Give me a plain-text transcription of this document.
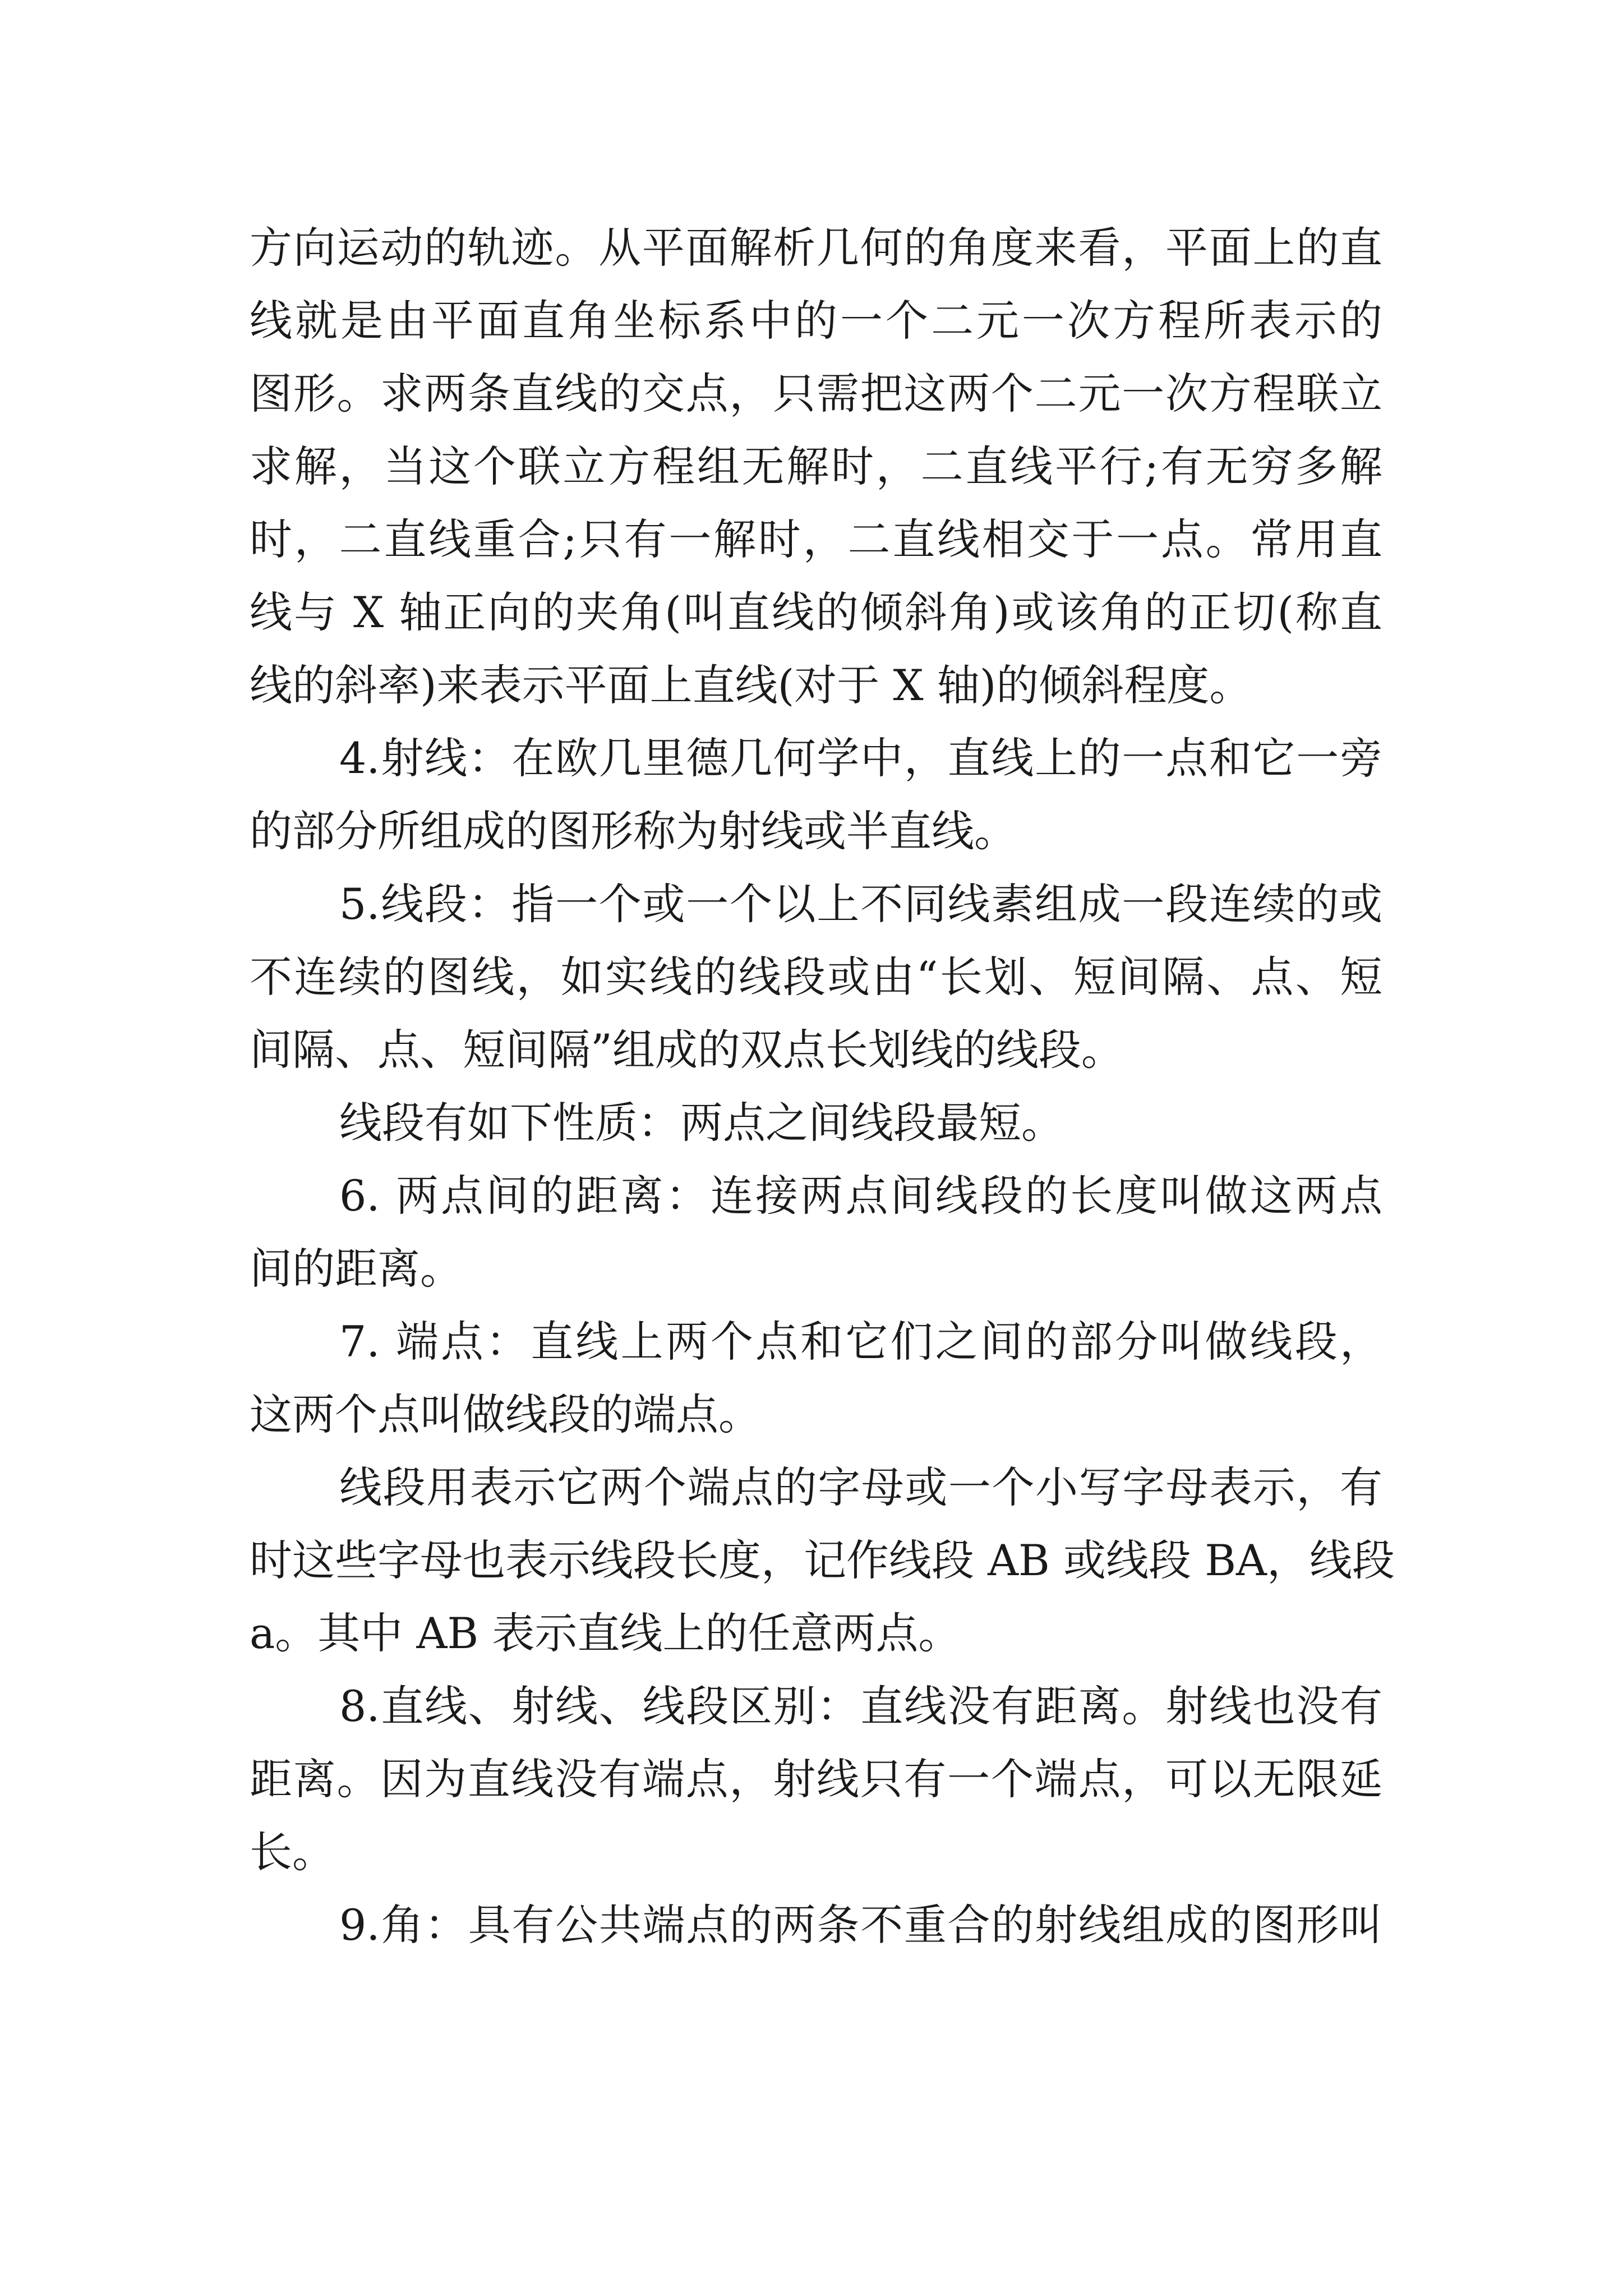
方向运动的轨迹。从平面解析几何的角度来看，平面上的直
线就是由平面直角坐标系中的一个二元一次方程所表示的
图形。求两条直线的交点，只需把这两个二元一次方程联立
求解，当这个联立方程组无解时，二直线平行;有无穷多解
时，二直线重合;只有一解时，二直线相交于一点。常用直
线与 X 轴正向的夹角(叫直线的倾斜角)或该角的正切(称直
线的斜率)来表示平面上直线(对于 X 轴)的倾斜程度。
4.射线：在欧几里德几何学中，直线上的一点和它一旁
的部分所组成的图形称为射线或半直线。
5.线段：指一个或一个以上不同线素组成一段连续的或
不连续的图线，如实线的线段或由“长划、短间隔、点、短
间隔、点、短间隔”组成的双点长划线的线段。
线段有如下性质：两点之间线段最短。
6. 两点间的距离：连接两点间线段的长度叫做这两点
间的距离。
7. 端点：直线上两个点和它们之间的部分叫做线段，
这两个点叫做线段的端点。
线段用表示它两个端点的字母或一个小写字母表示，有
时这些字母也表示线段长度，记作线段 AB 或线段 BA，线段
a。其中 AB 表示直线上的任意两点。
8.直线、射线、线段区别：直线没有距离。射线也没有
距离。因为直线没有端点，射线只有一个端点，可以无限延
长。
9.角：具有公共端点的两条不重合的射线组成的图形叫
